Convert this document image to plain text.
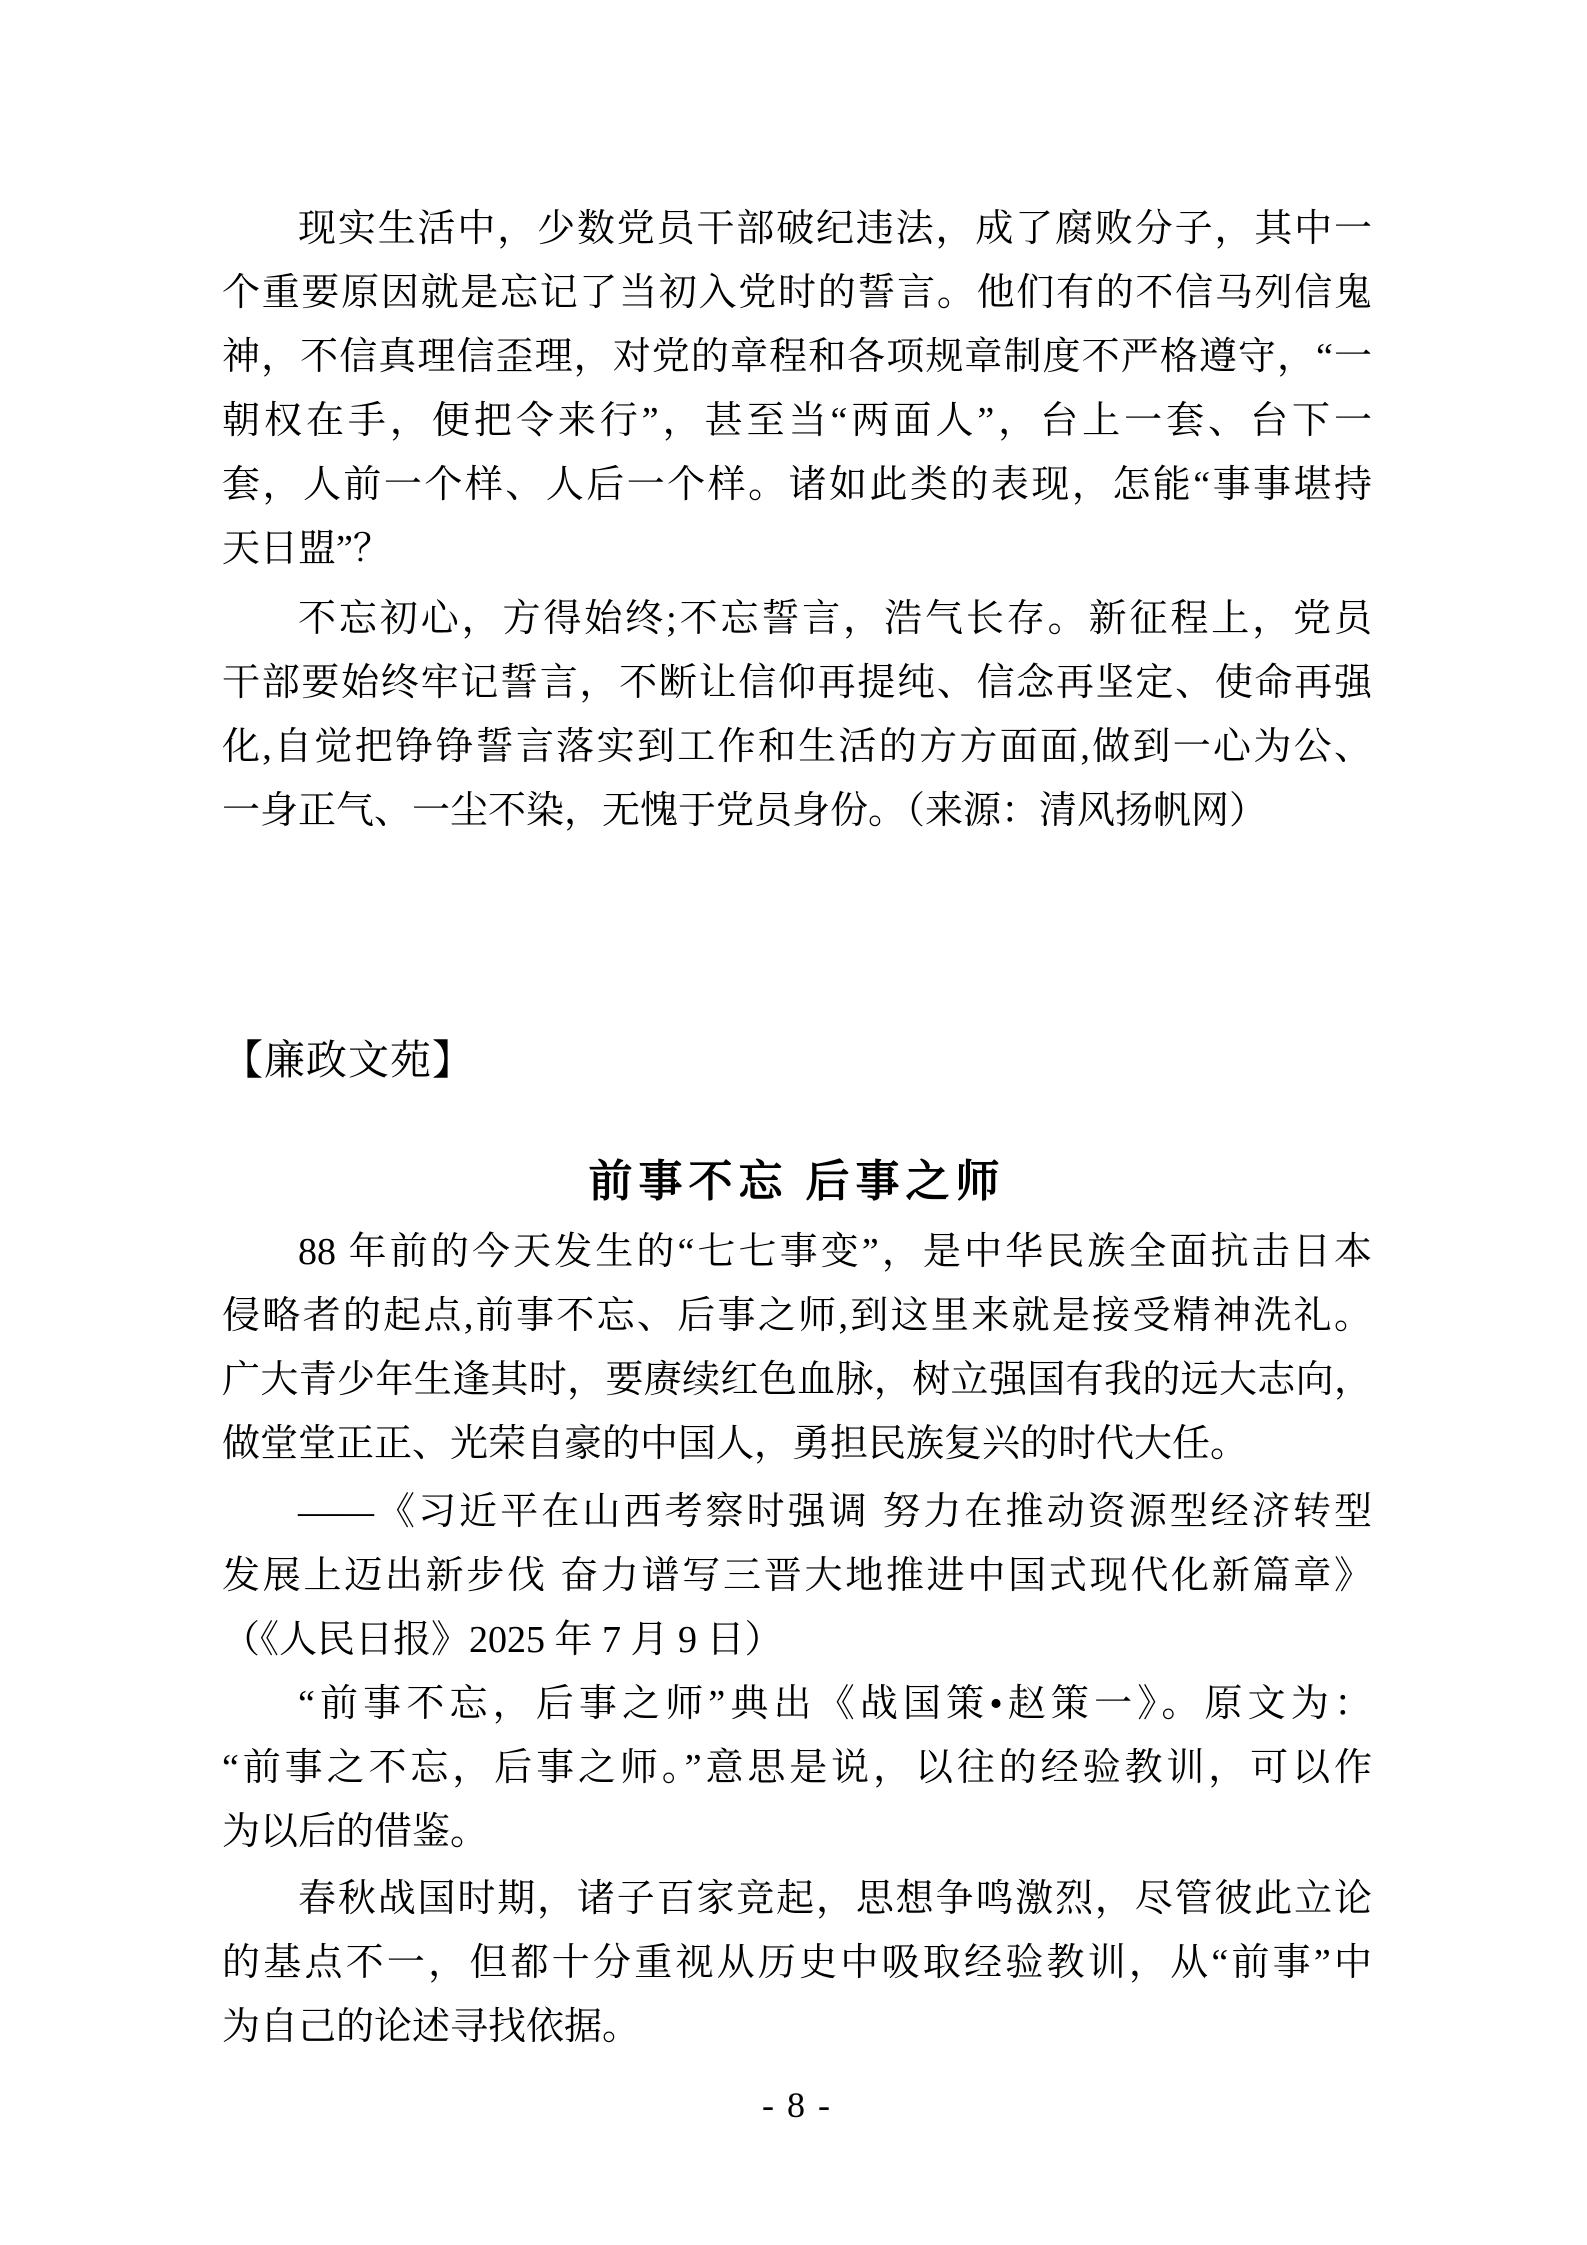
现实生活中，少数党员干部破纪违法，成了腐败分子，其中一
个重要原因就是忘记了当初入党时的誓言。他们有的不信马列信鬼
神，不信真理信歪理，对党的章程和各项规章制度不严格遵守，“一
朝权在手，便把令来行”，甚至当“两面人”，台上一套、台下一
套，人前一个样、人后一个样。诸如此类的表现，怎能“事事堪持
天日盟”？
不忘初心，方得始终;不忘誓言，浩气长存。新征程上，党员
干部要始终牢记誓言，不断让信仰再提纯、信念再坚定、使命再强
化,自觉把铮铮誓言落实到工作和生活的方方面面,做到一心为公、
一身正气、一尘不染，无愧于党员身份。（来源：清风扬帆网）
【廉政文苑】
前事不忘 后事之师
88 年前的今天发生的“七七事变”，是中华民族全面抗击日本
侵略者的起点,前事不忘、后事之师,到这里来就是接受精神洗礼。
广大青少年生逢其时，要赓续红色血脉，树立强国有我的远大志向，
做堂堂正正、光荣自豪的中国人，勇担民族复兴的时代大任。
——《习近平在山西考察时强调 努力在推动资源型经济转型
发展上迈出新步伐 奋力谱写三晋大地推进中国式现代化新篇章》
（《人民日报》2025 年 7 月 9 日）
“前事不忘，后事之师”典出《战国策•赵策一》。原文为：
“前事之不忘，后事之师。”意思是说，以往的经验教训，可以作
为以后的借鉴。
春秋战国时期，诸子百家竞起，思想争鸣激烈，尽管彼此立论
的基点不一，但都十分重视从历史中吸取经验教训，从“前事”中
为自己的论述寻找依据。
- 8 -
